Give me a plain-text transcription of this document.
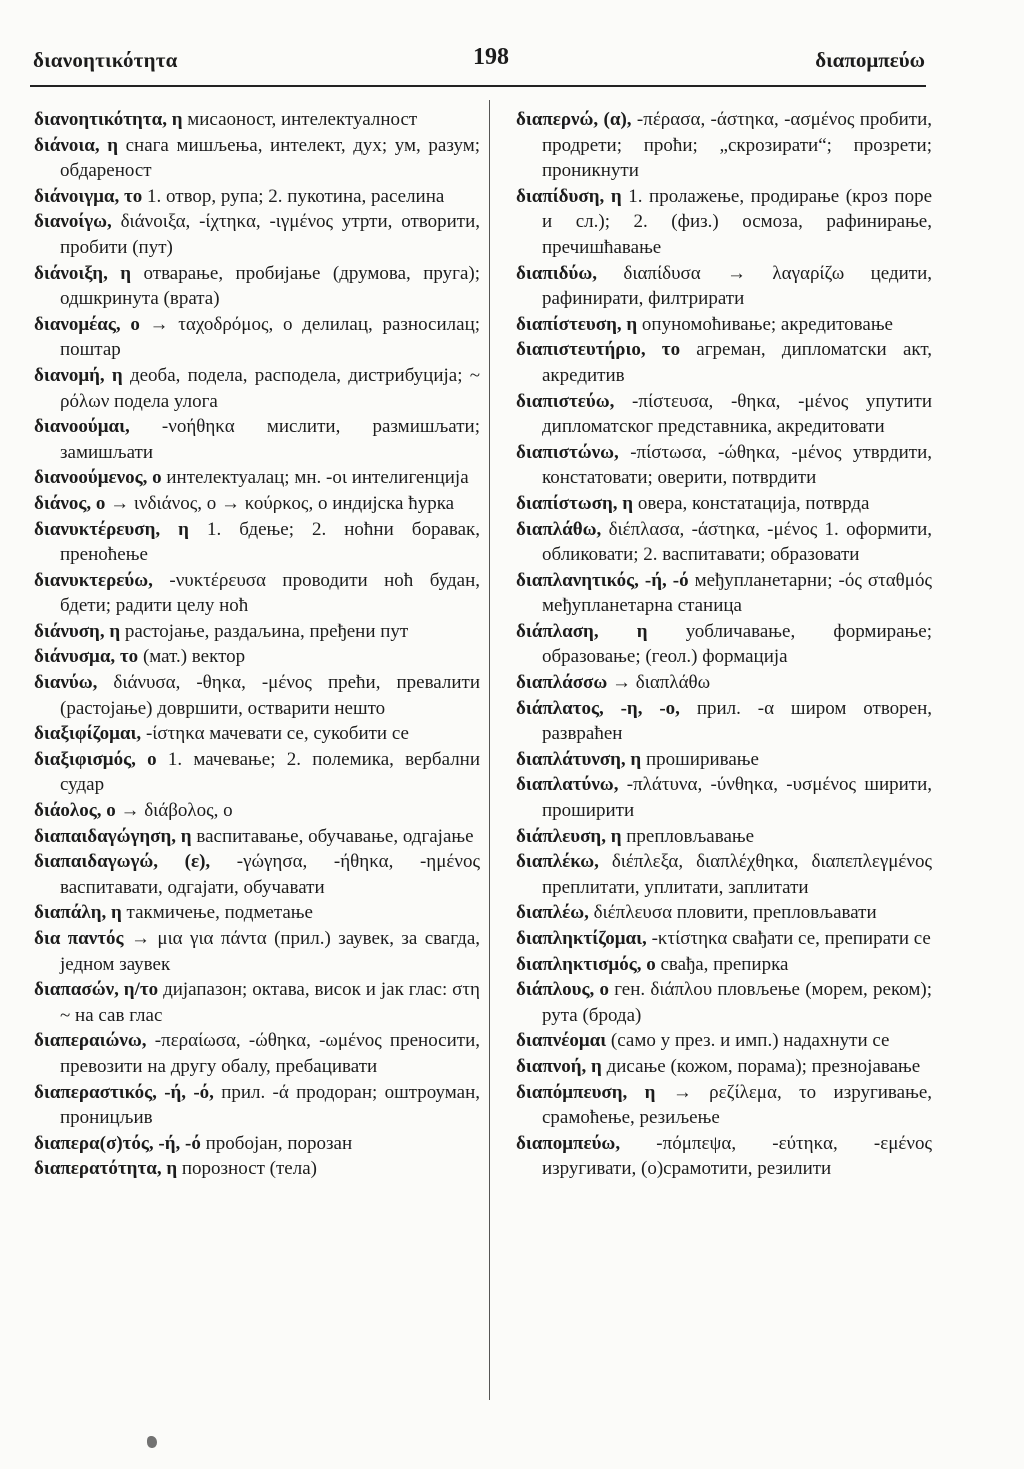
διανοητικότητα	198	διαπομπεύω

διανοητικότητα, η мисаоност, интелектуалност

διάνοια, η снага мишљења, интелект, дух; ум, разум; обдареност

διάνοιγμα, το 1. отвор, рупа; 2. пукотина, раселина

διανοίγω, διάνοιξα, -ίχτηκα, -ιγμένος утрти, отворити, пробити (пут)

διάνοιξη, η отварање, пробијање (друмова, пруга); одшкринута (врата)

διανομέας, ο → ταχοδρόμος, ο делилац, разносилац; поштар

διανομή, η деоба, подела, расподела, дистрибуција; ~ ρόλων подела улога

διανοούμαι, -νοήθηκα мислити, размишљати; замишљати

διανοούμενος, ο интелектуалац; мн. -οι интелигенција

διάνος, ο → ινδιάνος, ο → κούρκος, ο индијска ћурка

διανυκτέρευση, η 1. бдење; 2. ноћни боравак, преноћење

διανυκτερεύω, -νυκτέρευσα проводити ноћ будан, бдети; радити целу ноћ

διάνυση, η растојање, раздаљина, пређени пут

διάνυσμα, το (мат.) вектор

διανύω, διάνυσα, -θηκα, -μένος прећи, превалити (растојање) довршити, остварити нешто

διαξιφίζομαι, -ίστηκα мачевати се, сукобити се

διαξιφισμός, ο 1. мачевање; 2. полемика, вербални судар

διάολος, ο → διάβολος, ο

διαπαιδαγώγηση, η васпитавање, обучавање, одгајање

διαπαιδαγωγώ, (ε), -γώγησα, -ήθηκα, -ημένος васпитавати, одгајати, обучавати

διαπάλη, η такмичење, подметање

δια παντός → μια για πάντα (прил.) заувек, за свагда, једном заувек

διαπασών, η/το дијапазон; октава, висок и јак глас: στη ~ на сав глас

διαπεραιώνω, -περαίωσα, -ώθηκα, -ωμένος преносити, превозити на другу обалу, пребацивати

διαπεραστικός, -ή, -ό, прил. -ά продоран; оштроуман, проницљив

διαπερα(σ)τός, -ή, -ό пробојан, порозан

διαπερατότητα, η порозност (тела)

διαπερνώ, (α), -πέρασα, -άστηκα, -ασμένος пробити, продрети; проћи; „скрозирати“; прозрети; проникнути

διαπίδυση, η 1. пролажење, продирање (кроз поре и сл.); 2. (физ.) осмоза, рафинирање, пречишћавање

διαπιδύω, διαπίδυσα → λαγαρίζω цедити, рафинирати, филтрирати

διαπίστευση, η опуномоћивање; акредитовање

διαπιστευτήριο, το агреман, дипломатски акт, акредитив

διαπιστεύω, -πίστευσα, -θηκα, -μένος упутити дипломатског представника, акредитовати

διαπιστώνω, -πίστωσα, -ώθηκα, -μένος утврдити, констатовати; оверити, потврдити

διαπίστωση, η овера, констатација, потврда

διαπλάθω, διέπλασα, -άστηκα, -μένος 1. оформити, обликовати; 2. васпитавати; образовати

διαπλανητικός, -ή, -ό међупланетарни; -ός σταθμός међупланетарна станица

διάπλαση, η уобличавање, формирање; образовање; (геол.) формација

διαπλάσσω → διαπλάθω

διάπλατος, -η, -ο, прил. -α широм отворен, развраћен

διαπλάτυνση, η проширивање

διαπλατύνω, -πλάτυνα, -ύνθηκα, -υσμένος ширити, проширити

διάπλευση, η препловљавање

διαπλέκω, διέπλεξα, διαπλέχθηκα, διαπεπλεγμένος преплитати, уплитати, заплитати

διαπλέω, διέπλευσα пловити, препловљавати

διαπληκτίζομαι, -κτίστηκα свађати се, препирати се

διαπληκτισμός, ο свађа, препирка

διάπλους, ο ген. διάπλου пловљење (морем, реком); рута (брода)

διαπνέομαι (само у през. и имп.) надахнути се

διαπνοή, η дисање (кожом, порама); презнојавање

διαπόμπευση, η → ρεζίλεμα, το изругивање, срамоћење, резиљење

διαπομπεύω, -πόμπεψα, -εύτηκα, -εμένος изругивати, (о)срамотити, резилити
